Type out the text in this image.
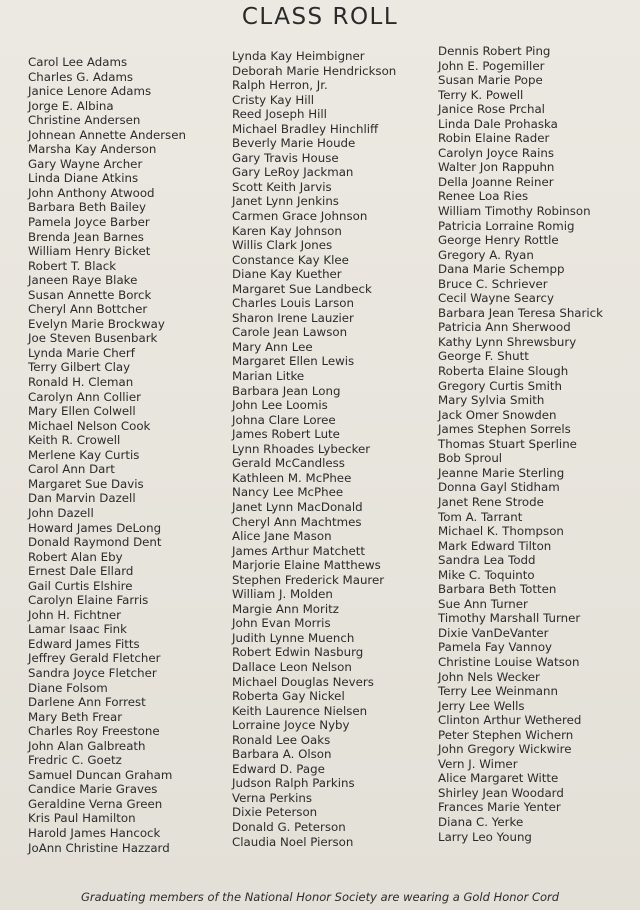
CLASS ROLL
Carol Lee Adams
Charles G. Adams
Janice Lenore Adams
Jorge E. Albina
Christine Andersen
Johnean Annette Andersen
Marsha Kay Anderson
Gary Wayne Archer
Linda Diane Atkins
John Anthony Atwood
Barbara Beth Bailey
Pamela Joyce Barber
Brenda Jean Barnes
William Henry Bicket
Robert T. Black
Janeen Raye Blake
Susan Annette Borck
Cheryl Ann Bottcher
Evelyn Marie Brockway
Joe Steven Busenbark
Lynda Marie Cherf
Terry Gilbert Clay
Ronald H. Cleman
Carolyn Ann Collier
Mary Ellen Colwell
Michael Nelson Cook
Keith R. Crowell
Merlene Kay Curtis
Carol Ann Dart
Margaret Sue Davis
Dan Marvin Dazell
John Dazell
Howard James DeLong
Donald Raymond Dent
Robert Alan Eby
Ernest Dale Ellard
Gail Curtis Elshire
Carolyn Elaine Farris
John H. Fichtner
Lamar Isaac Fink
Edward James Fitts
Jeffrey Gerald Fletcher
Sandra Joyce Fletcher
Diane Folsom
Darlene Ann Forrest
Mary Beth Frear
Charles Roy Freestone
John Alan Galbreath
Fredric C. Goetz
Samuel Duncan Graham
Candice Marie Graves
Geraldine Verna Green
Kris Paul Hamilton
Harold James Hancock
JoAnn Christine Hazzard
Lynda Kay Heimbigner
Deborah Marie Hendrickson
Ralph Herron, Jr.
Cristy Kay Hill
Reed Joseph Hill
Michael Bradley Hinchliff
Beverly Marie Houde
Gary Travis House
Gary LeRoy Jackman
Scott Keith Jarvis
Janet Lynn Jenkins
Carmen Grace Johnson
Karen Kay Johnson
Willis Clark Jones
Constance Kay Klee
Diane Kay Kuether
Margaret Sue Landbeck
Charles Louis Larson
Sharon Irene Lauzier
Carole Jean Lawson
Mary Ann Lee
Margaret Ellen Lewis
Marian Litke
Barbara Jean Long
John Lee Loomis
Johna Clare Loree
James Robert Lute
Lynn Rhoades Lybecker
Gerald McCandless
Kathleen M. McPhee
Nancy Lee McPhee
Janet Lynn MacDonald
Cheryl Ann Machtmes
Alice Jane Mason
James Arthur Matchett
Marjorie Elaine Matthews
Stephen Frederick Maurer
William J. Molden
Margie Ann Moritz
John Evan Morris
Judith Lynne Muench
Robert Edwin Nasburg
Dallace Leon Nelson
Michael Douglas Nevers
Roberta Gay Nickel
Keith Laurence Nielsen
Lorraine Joyce Nyby
Ronald Lee Oaks
Barbara A. Olson
Edward D. Page
Judson Ralph Parkins
Verna Perkins
Dixie Peterson
Donald G. Peterson
Claudia Noel Pierson
Dennis Robert Ping
John E. Pogemiller
Susan Marie Pope
Terry K. Powell
Janice Rose Prchal
Linda Dale Prohaska
Robin Elaine Rader
Carolyn Joyce Rains
Walter Jon Rappuhn
Della Joanne Reiner
Renee Loa Ries
William Timothy Robinson
Patricia Lorraine Romig
George Henry Rottle
Gregory A. Ryan
Dana Marie Schempp
Bruce C. Schriever
Cecil Wayne Searcy
Barbara Jean Teresa Sharick
Patricia Ann Sherwood
Kathy Lynn Shrewsbury
George F. Shutt
Roberta Elaine Slough
Gregory Curtis Smith
Mary Sylvia Smith
Jack Omer Snowden
James Stephen Sorrels
Thomas Stuart Sperline
Bob Sproul
Jeanne Marie Sterling
Donna Gayl Stidham
Janet Rene Strode
Tom A. Tarrant
Michael K. Thompson
Mark Edward Tilton
Sandra Lea Todd
Mike C. Toquinto
Barbara Beth Totten
Sue Ann Turner
Timothy Marshall Turner
Dixie VanDeVanter
Pamela Fay Vannoy
Christine Louise Watson
John Nels Wecker
Terry Lee Weinmann
Jerry Lee Wells
Clinton Arthur Wethered
Peter Stephen Wichern
John Gregory Wickwire
Vern J. Wimer
Alice Margaret Witte
Shirley Jean Woodard
Frances Marie Yenter
Diana C. Yerke
Larry Leo Young
Graduating members of the National Honor Society are wearing a Gold Honor Cord
